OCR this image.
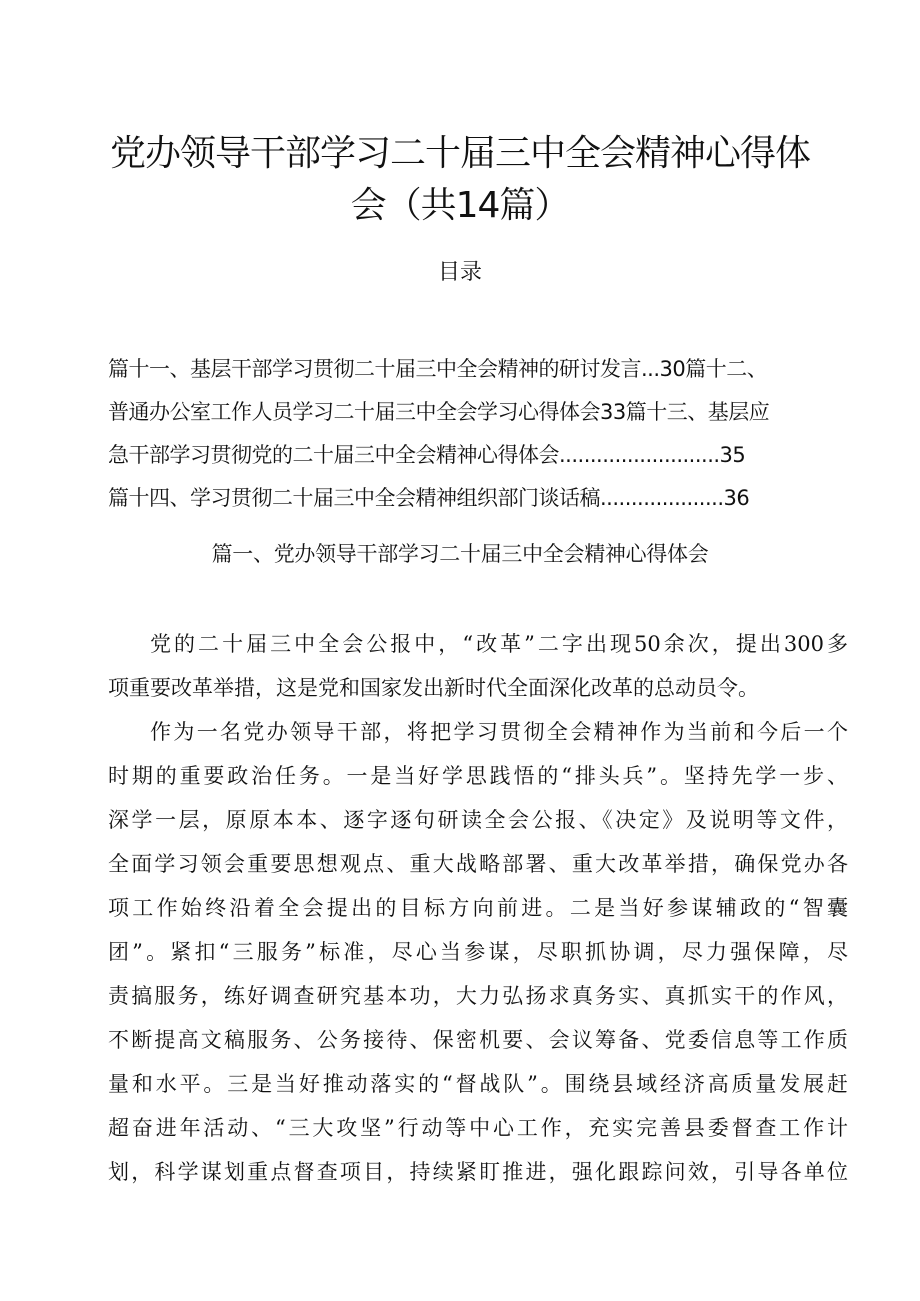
党办领导干部学习二十届三中全会精神心得体
会（共14篇）
目录
篇十一、基层干部学习贯彻二十届三中全会精神的研讨发言...30篇十二、
普通办公室工作人员学习二十届三中全会学习心得体会33篇十三、基层应
急干部学习贯彻党的二十届三中全会精神心得体会..........................35
篇十四、学习贯彻二十届三中全会精神组织部门谈话稿....................36
篇一、党办领导干部学习二十届三中全会精神心得体会
党的二十届三中全会公报中，“改革”二字出现50余次，提出300多
项重要改革举措，这是党和国家发出新时代全面深化改革的总动员令。
作为一名党办领导干部，将把学习贯彻全会精神作为当前和今后一个
时期的重要政治任务。一是当好学思践悟的“排头兵”。坚持先学一步、
深学一层，原原本本、逐字逐句研读全会公报、《决定》及说明等文件，
全面学习领会重要思想观点、重大战略部署、重大改革举措，确保党办各
项工作始终沿着全会提出的目标方向前进。二是当好参谋辅政的“智囊
团”。紧扣“三服务”标准，尽心当参谋，尽职抓协调，尽力强保障，尽
责搞服务，练好调查研究基本功，大力弘扬求真务实、真抓实干的作风，
不断提高文稿服务、公务接待、保密机要、会议筹备、党委信息等工作质
量和水平。三是当好推动落实的“督战队”。围绕县域经济高质量发展赶
超奋进年活动、“三大攻坚”行动等中心工作，充实完善县委督查工作计
划，科学谋划重点督查项目，持续紧盯推进，强化跟踪问效，引导各单位
